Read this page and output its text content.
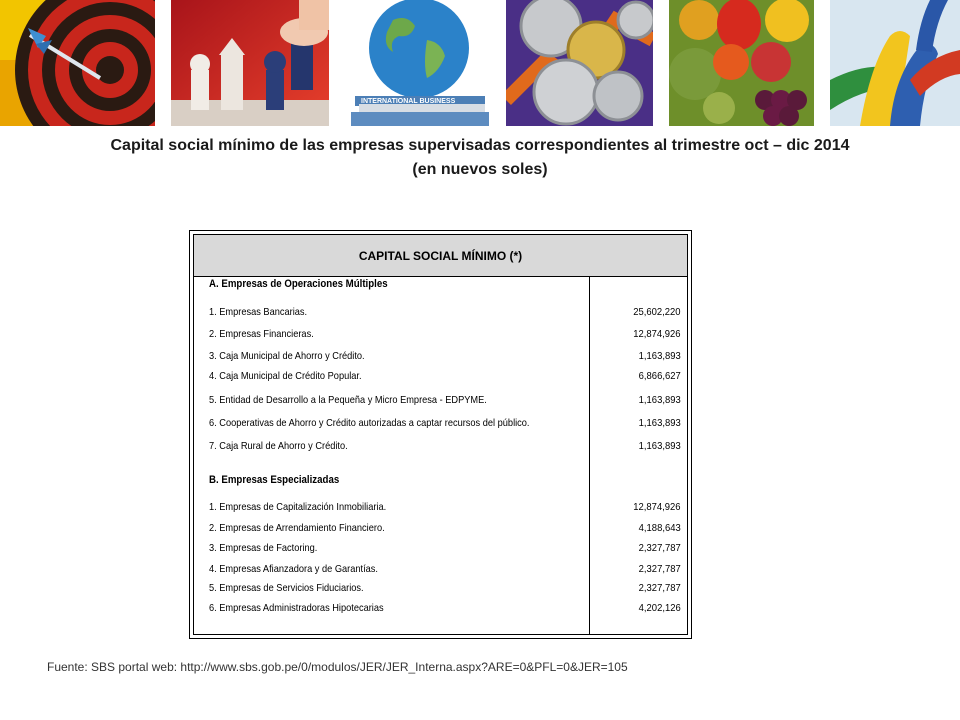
INTERNATIONAL BUSINESS
Capital social mínimo de las empresas supervisadas correspondientes al trimestre oct – dic 2014
(en nuevos soles)
CAPITAL SOCIAL MÍNIMO (*)
A. Empresas de Operaciones Múltiples
1. Empresas Bancarias.	25,602,220
2. Empresas Financieras.	12,874,926
3. Caja Municipal de Ahorro y Crédito.	1,163,893
4. Caja Municipal de Crédito Popular.	6,866,627
5. Entidad de Desarrollo a la Pequeña y Micro Empresa - EDPYME.	1,163,893
6. Cooperativas de Ahorro y Crédito autorizadas a captar recursos del público.	1,163,893
7. Caja Rural de Ahorro y Crédito.	1,163,893
B. Empresas Especializadas
1. Empresas de Capitalización Inmobiliaria.	12,874,926
2. Empresas de Arrendamiento Financiero.	4,188,643
3. Empresas de Factoring.	2,327,787
4. Empresas Afianzadora y de Garantías.	2,327,787
5. Empresas de Servicios Fiduciarios.	2,327,787
6. Empresas Administradoras Hipotecarias	4,202,126
Fuente: SBS portal web: http://www.sbs.gob.pe/0/modulos/JER/JER_Interna.aspx?ARE=0&PFL=0&JER=105
